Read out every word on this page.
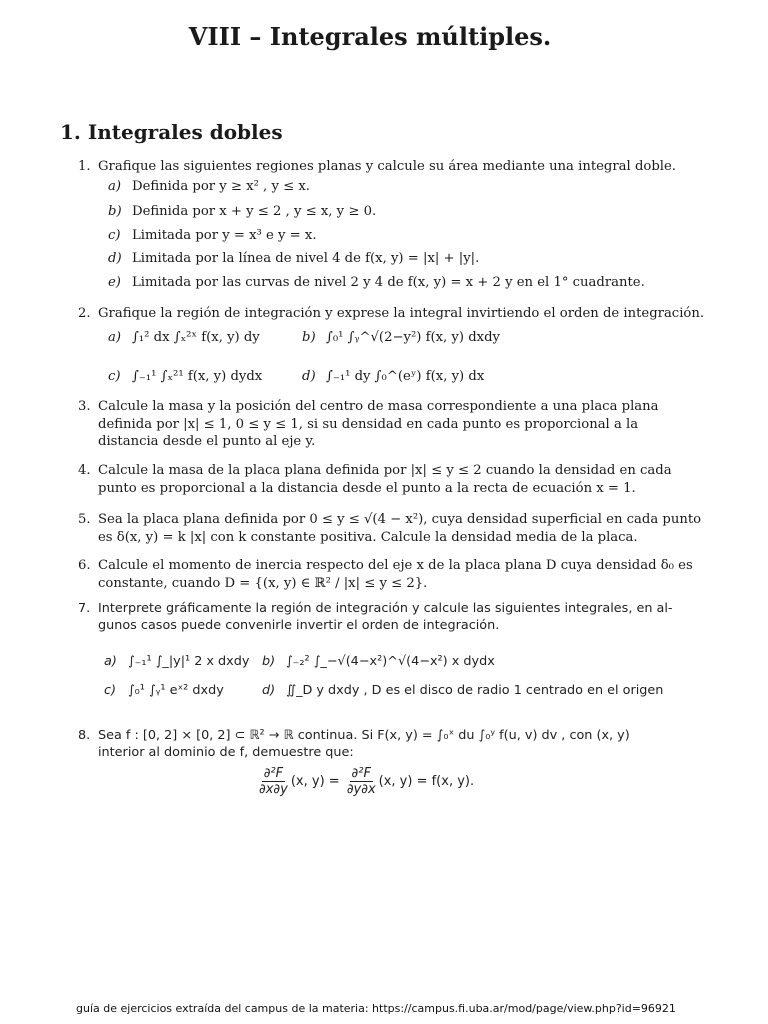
VIII – Integrales múltiples.
1. Integrales dobles
1. Grafique las siguientes regiones planas y calcule su área mediante una integral doble.
a) Definida por y ≥ x² , y ≤ x.
b) Definida por x + y ≤ 2 , y ≤ x, y ≥ 0.
c) Limitada por y = x³ e y = x.
d) Limitada por la línea de nivel 4 de f(x, y) = |x| + |y|.
e) Limitada por las curvas de nivel 2 y 4 de f(x, y) = x + 2 y en el 1° cuadrante.
2. Grafique la región de integración y exprese la integral invirtiendo el orden de integración.
a) ∫₁² dx ∫ₓ²ˣ f(x, y) dy	b) ∫₀¹ ∫ᵧ^√(2−y²) f(x, y) dxdy
c) ∫₋₁¹ ∫ₓ²¹ f(x, y) dydx	d) ∫₋₁¹ dy ∫₀^(eʸ) f(x, y) dx
3. Calcule la masa y la posición del centro de masa correspondiente a una placa plana
definida por |x| ≤ 1, 0 ≤ y ≤ 1, si su densidad en cada punto es proporcional a la
distancia desde el punto al eje y.
4. Calcule la masa de la placa plana definida por |x| ≤ y ≤ 2 cuando la densidad en cada
punto es proporcional a la distancia desde el punto a la recta de ecuación x = 1.
5. Sea la placa plana definida por 0 ≤ y ≤ √(4 − x²), cuya densidad superficial en cada punto
es δ(x, y) = k |x| con k constante positiva. Calcule la densidad media de la placa.
6. Calcule el momento de inercia respecto del eje x de la placa plana D cuya densidad δ₀ es
constante, cuando D = {(x, y) ∈ ℝ² / |x| ≤ y ≤ 2}.
7. Interprete gráficamente la región de integración y calcule las siguientes integrales, en al-
gunos casos puede convenirle invertir el orden de integración.
a) ∫₋₁¹ ∫_|y|¹ 2 x dxdy b) ∫₋₂² ∫_−√(4−x²)^√(4−x²) x dydx
c) ∫₀¹ ∫ᵧ¹ eˣ² dxdy	d) ∬_D y dxdy , D es el disco de radio 1 centrado en el origen
8. Sea f : [0, 2] × [0, 2] ⊂ ℝ² → ℝ continua. Si F(x, y) = ∫₀ˣ du ∫₀ʸ f(u, v) dv , con (x, y)
interior al dominio de f, demuestre que:
$\frac{\text{∂²F}}{\partial x\partial y} (x$, $y) = \frac{\text{∂²F}}{\partial y\partial x} (x$, y) = f(x, y).
guía de ejercicios extraída del campus de la materia: https://campus.fi.uba.ar/mod/page/view.php?id=96921
